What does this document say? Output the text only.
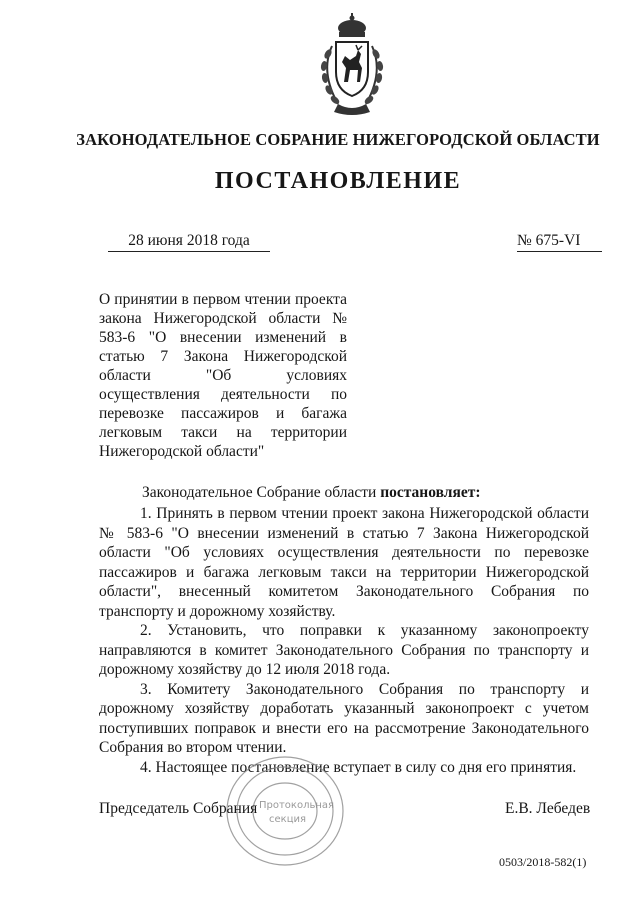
ЗАКОНОДАТЕЛЬНОЕ СОБРАНИЕ НИЖЕГОРОДСКОЙ ОБЛАСТИ
ПОСТАНОВЛЕНИЕ
28 июня 2018 года	№ 675-VI
О принятии в первом чтении проекта закона Нижегородской области № 583-6 "О внесении изменений в статью 7 Закона Нижегородской области "Об условиях осуществления деятельности по перевозке пассажиров и багажа легковым такси на территории Нижегородской области"
Законодательное Собрание области постановляет:

1. Принять в первом чтении проект закона Нижегородской области № 583-6 "О внесении изменений в статью 7 Закона Нижегородской области "Об условиях осуществления деятельности по перевозке пассажиров и багажа легковым такси на территории Нижегородской области", внесенный комитетом Законодательного Собрания по транспорту и дорожному хозяйству.

2. Установить, что поправки к указанному законопроекту направляются в комитет Законодательного Собрания по транспорту и дорожному хозяйству до 12 июля 2018 года.

3. Комитету Законодательного Собрания по транспорту и дорожному хозяйству доработать указанный законопроект с учетом поступивших поправок и внести его на рассмотрение Законодательного Собрания во втором чтении.

4. Настоящее постановление вступает в силу со дня его принятия.

Протокольная
секция
Председатель Собрания	Е.В. Лебедев
0503/2018-582(1)
